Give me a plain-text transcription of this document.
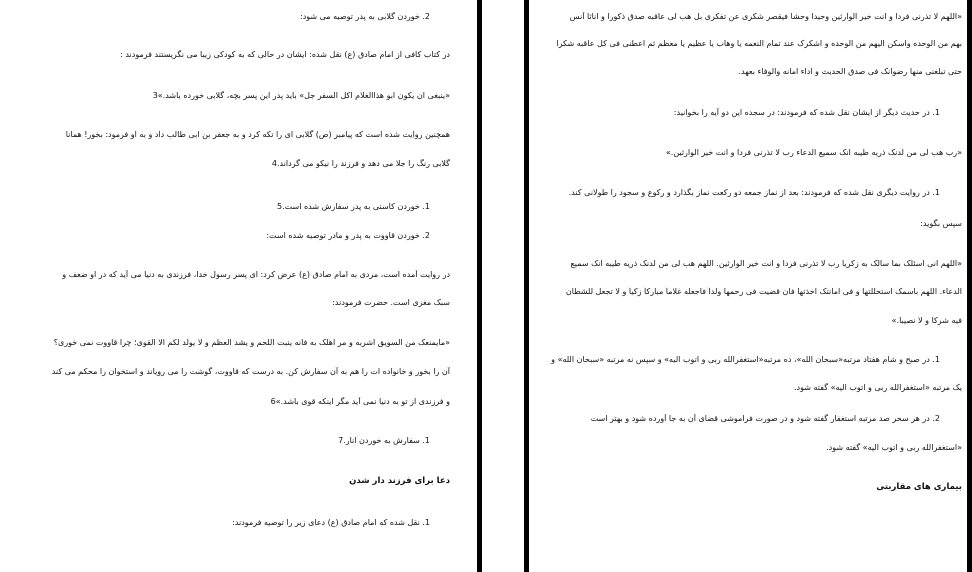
2. خوردن گلابی به پدر توصیه می شود:
در کتاب کافی از امام صادق (ع) نقل شده: ایشان در حالی که به کودکی زیبا می نگریستند فرمودند :
«ینبغی ان یکون ابو هذاالغلام اکل السفر جل» باید پدر این پسر بچه، گلابی خورده باشد.»3
همچنین روایت شده است که پیامبر (ص) گلابی ای را تکه کرد و به جعفر بن ابی طالب داد و به او فرمود: بخور! همانا
گلابی رنگ را جلا می دهد و فرزند را نیکو می گرداند.4
1. خوردن کاسنی به پدر سفارش شده است.5
2. خوردن قاووت به پدر و مادر توصیه شده است:
در روایت آمده است، مردی به امام صادق (ع) عرض کرد: ای پسر رسول خدا، فرزندی به دنیا می آید که در او ضعف و
سبک مغزی است. حضرت فرمودند:
«مایمنعک من السویق اشربه و مر اهلک به فانه ینبت اللحم و یشد العظم و لا یولد لکم الا القوی؛ چرا قاووت نمی خوری؟
آن را بخور و خانواده ات را هم به آن سفارش کن. به درست که قاووت، گوشت را می رویاند و استخوان را محکم می کند
و فرزندی از تو به دنیا نمی آید مگر اینکه قوی باشد.»6
1. سفارش به خوردن انار.7
دعا برای فرزند دار شدن
1. نقل شده که امام صادق (ع) دعای زیر را توصیه فرمودند:
«اللهم لا تذرنی فردا و انت خیر الوارثین وحیدا وحشا فیقصر شکری عن تفکری بل هب لی عاقبه صدق ذکورا و اناثا آنس
بهم من الوحده واسکن الیهم من الوحده و اشکرک عند تمام النعمه یا وهاب یا عظیم یا معظم ثم اعطنی فی کل عاقبه شکرا
حتی تبلغنی منها رضوانک فی صدق الحدیث و اداء امانه والوفاء بعهد.
1. در حدیث دیگر از ایشان نقل شده که فرمودند: در سجده این دو آیه را بخوانید:
«رب هب لی من لدنک ذریه طیبه انک سمیع الدعاء رب لا تذرنی فردا و انت خیر الوارثین.»
1. در روایت دیگری نقل شده که فرمودند: بعد از نماز جمعه دو رکعت نماز بگذارد و رکوع و سجود را طولانی کند.
سپس بگوید:
«اللهم انی اسئلک بما سالک به زکریا رب لا تذرنی فردا و انت خیر الوارثین. اللهم هب لی من لدنک ذریه طیبه انک سمیع
الدعاء. اللهم باسمک استحللتها و فی امانتک اخذتها فان قضیت فی رحمها ولداً فاجعله غلاماً مبارکاً زکیاً و لا تجعل للشطان
فیه شرکا و لا نصیبا.»
1. در صبح و شام هفتاد مرتبه«سبحان الله»، ده مرتبه«استغفرالله ربی و اتوب الیه» و سپس نه مرتبه «سبحان الله» و
یک مرتبه «استغفرالله ربی و اتوب الیه» گفته شود.
2. در هر سحر صد مرتبه استغفار گفته شود و در صورت فراموشی قضای آن به جا آورده شود و بهتر است
«استغفرالله ربی و اتوب الیه» گفته شود.
بیماری های مقاربتی
